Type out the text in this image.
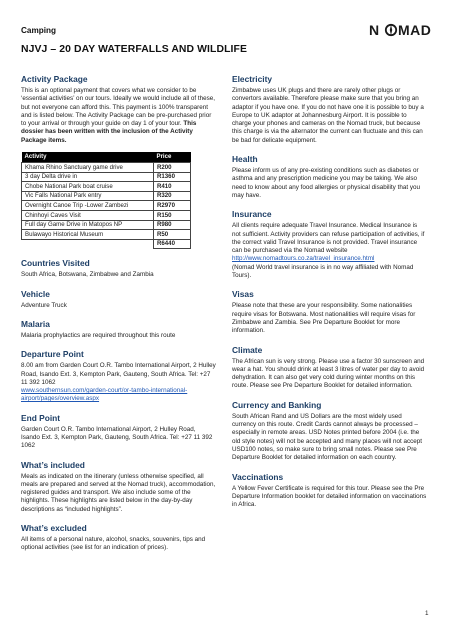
Camping	N MAD
NJVJ – 20 DAY WATERFALLS AND WILDLIFE
Activity Package

This is an optional payment that covers what we consider to be ‘essential activities’ on our tours. Ideally we would include all of these, but not everyone can afford this. This payment is 100% transparent and is listed below. The Activity Package can be pre-purchased prior to your arrival or through your guide on day 1 of your tour. This dossier has been written with the inclusion of the Activity Package items.

Activity	Price
Khama Rhino Sanctuary game drive	R200
3 day Delta drive in	R1360
Chobe National Park boat cruise	R410
Vic Falls National Park entry	R320
Overnight Canoe Trip -Lower Zambezi	R2970
Chinhoyi Caves Visit	R150
Full day Game Drive in Matopos NP	R980
Bulawayo Historical Museum	R50
	R6440
Countries Visited

South Africa, Botswana, Zimbabwe and Zambia

Vehicle

Adventure Truck

Malaria

Malaria prophylactics are required throughout this route

Departure Point

8.00 am from Garden Court O.R. Tambo International Airport, 2 Hulley Road, Isando Ext. 3, Kempton Park, Gauteng, South Africa. Tel: +27 11 392 1062
www.southernsun.com/garden-court/or-tambo-international-airport/pages/overview.aspx

End Point

Garden Court O.R. Tambo International Airport, 2 Hulley Road, Isando Ext. 3, Kempton Park, Gauteng, South Africa. Tel: +27 11 392 1062

What’s included

Meals as indicated on the itinerary (unless otherwise specified, all meals are prepared and served at the Nomad truck), accommodation, registered guides and transport. We also include some of the highlights. These highlights are listed below in the day-by-day descriptions as “included highlights”.

What’s excluded

All items of a personal nature, alcohol, snacks, souvenirs, tips and optional activities (see list for an indication of prices).

Electricity

Zimbabwe uses UK plugs and there are rarely other plugs or convertors available. Therefore please make sure that you bring an adaptor if you have one. If you do not have one it is possible to buy a Europe to UK adaptor at Johannesburg Airport. It is possible to charge your phones and cameras on the Nomad truck, but because this charge is via the alternator the current can fluctuate and this can be bad for delicate equipment.

Health

Please inform us of any pre-existing conditions such as diabetes or asthma and any prescription medicine you may be taking. We also need to know about any food allergies or physical disability that you may have.

Insurance

All clients require adequate Travel Insurance. Medical Insurance is not sufficient. Activity providers can refuse participation of activities, if the correct valid Travel Insurance is not provided. Travel insurance can be purchased via the Nomad website http://www.nomadtours.co.za/travel_insurance.html
(Nomad World travel insurance is in no way affiliated with Nomad Tours).

Visas

Please note that these are your responsibility. Some nationalities require visas for Botswana. Most nationalities will require visas for Zimbabwe and Zambia. See Pre Departure Booklet for more information.

Climate

The African sun is very strong. Please use a factor 30 sunscreen and wear a hat. You should drink at least 3 litres of water per day to avoid dehydration. It can also get very cold during winter months on this route. Please see Pre Departure Booklet for detailed information.

Currency and Banking

South African Rand and US Dollars are the most widely used currency on this route. Credit Cards cannot always be processed – especially in remote areas. USD Notes printed before 2004 (i.e. the old style notes) will not be accepted and many places will not accept USD100 notes, so make sure to bring small notes. Please see Pre Departure Booklet for detailed information on each country.

Vaccinations

A Yellow Fever Certificate is required for this tour. Please see the Pre Departure Information booklet for detailed information on vaccinations in Africa.

1
